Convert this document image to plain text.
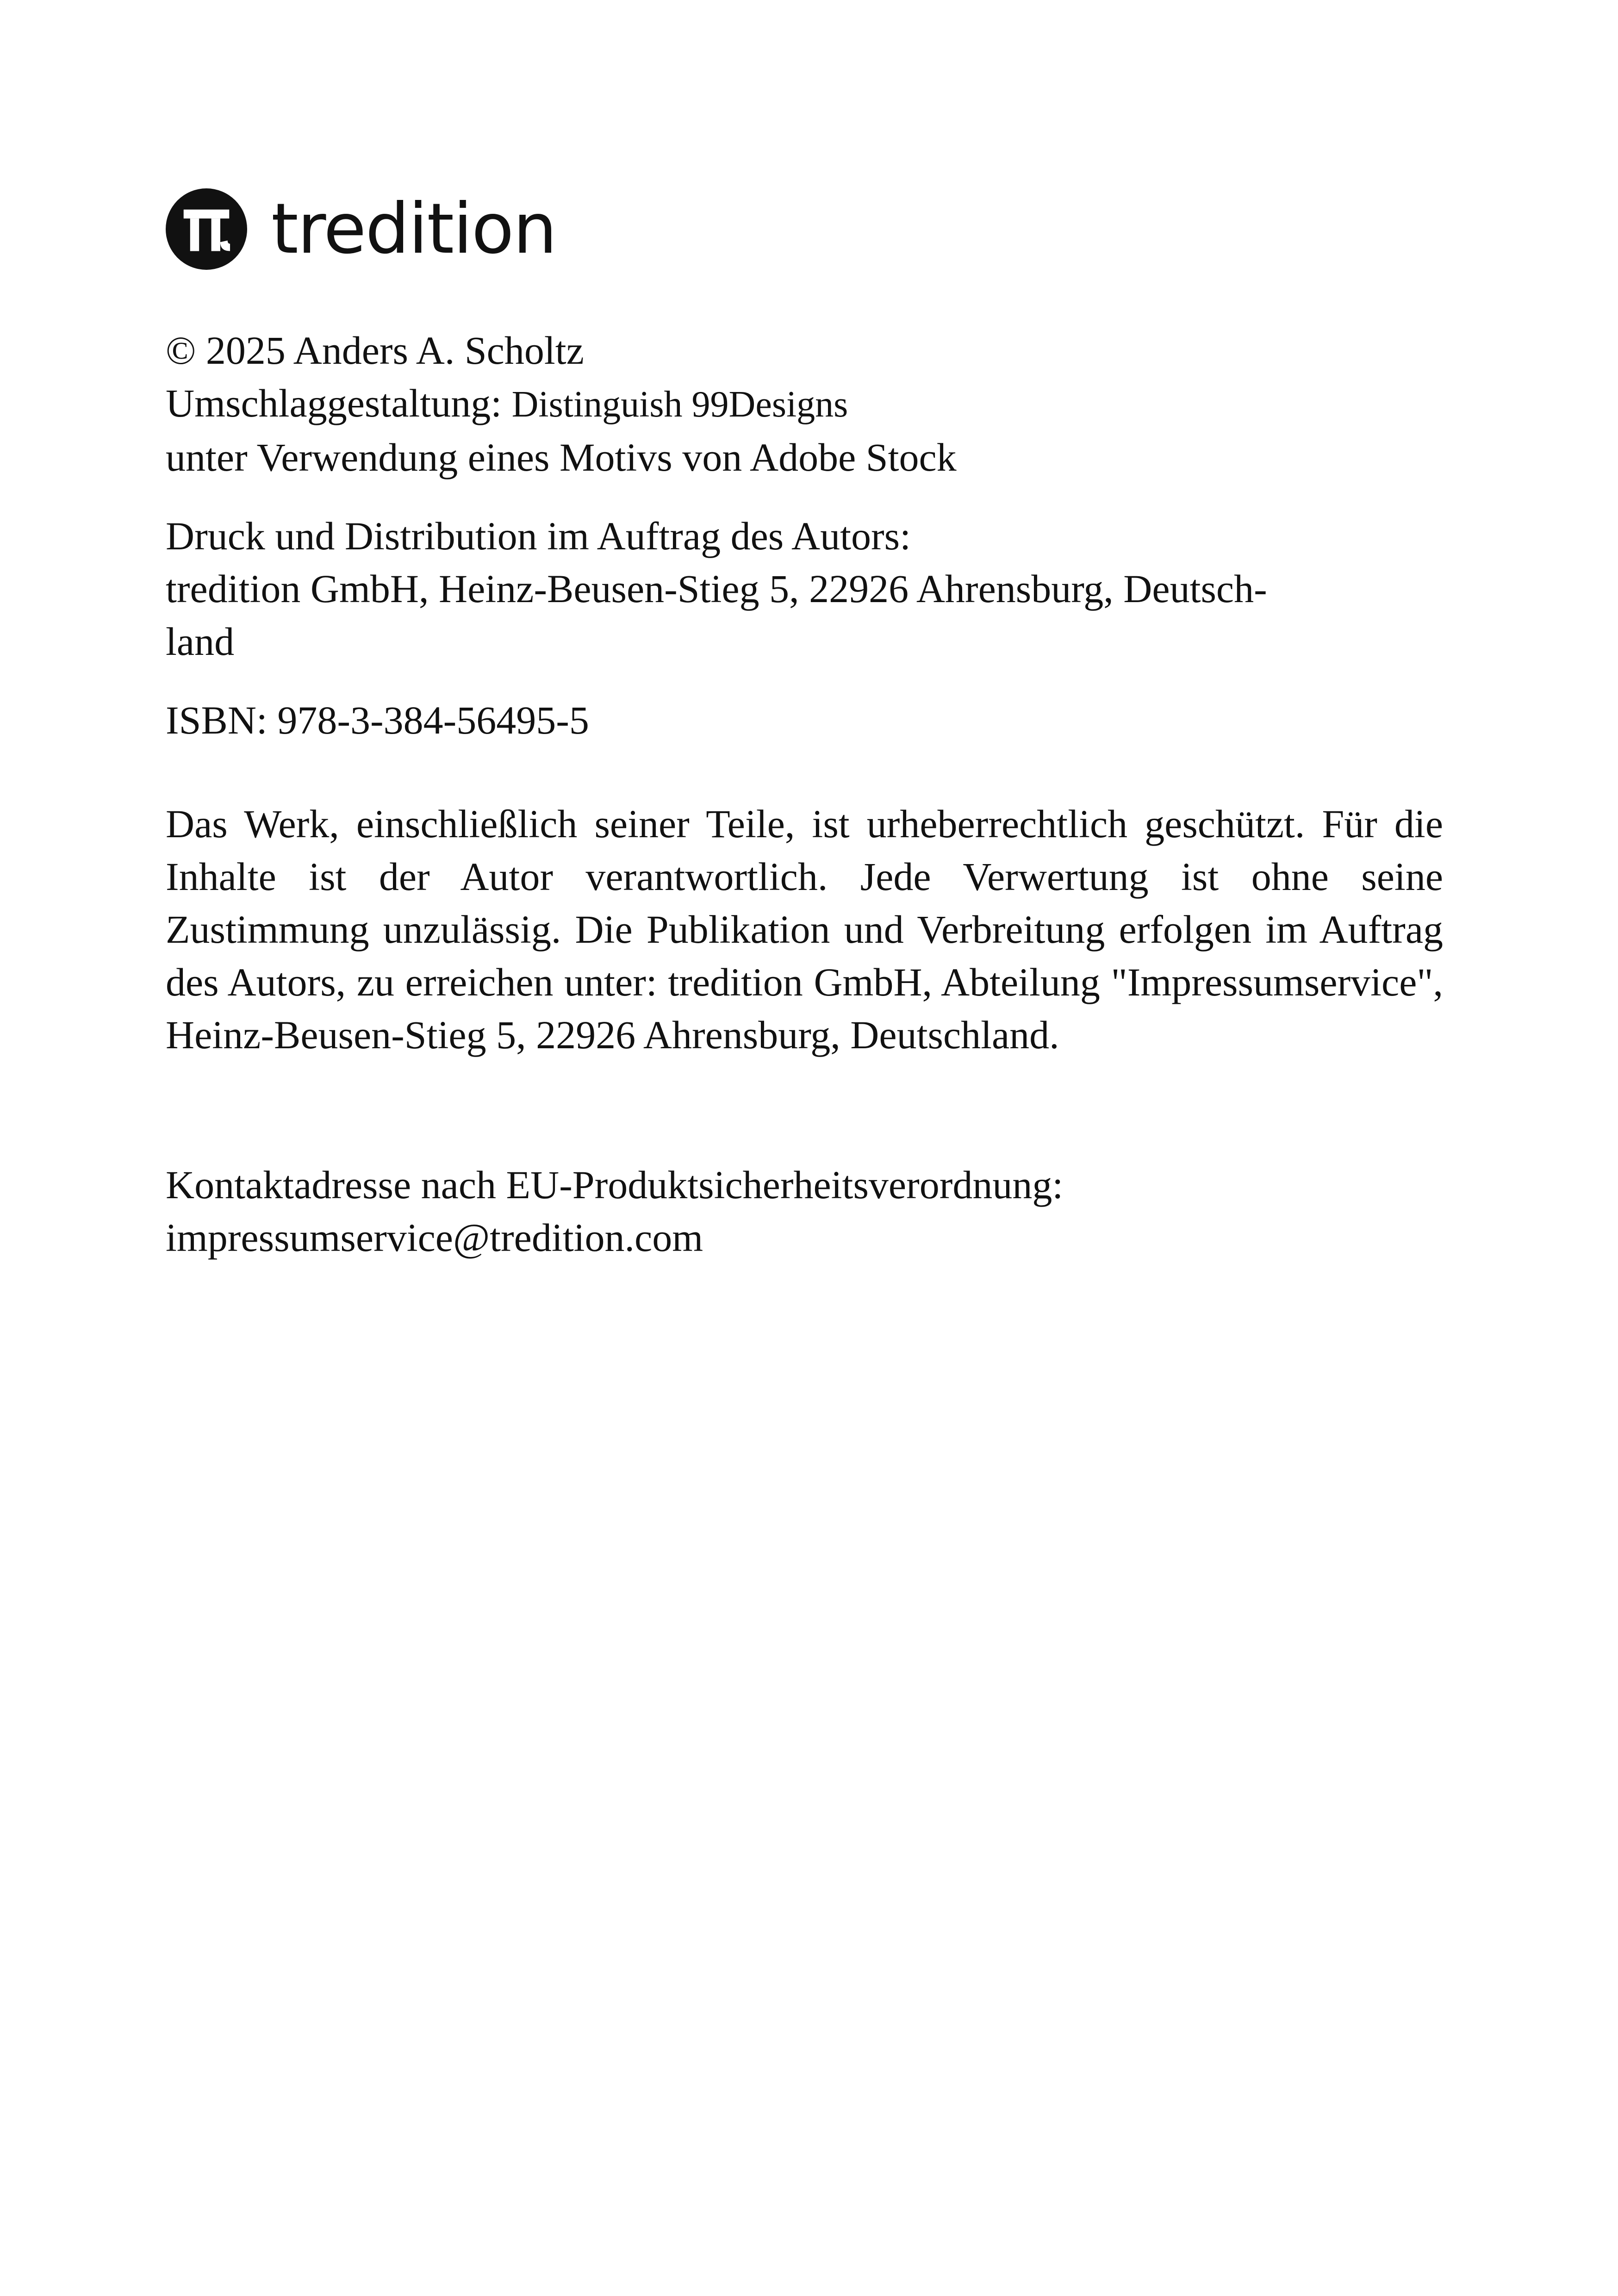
tredition
© 2025 Anders A. Scholtz
Umschlaggestaltung: Distinguish 99Designs
unter Verwendung eines Motivs von Adobe Stock
Druck und Distribution im Auftrag des Autors:
tredition GmbH, Heinz-Beusen-Stieg 5, 22926 Ahrensburg, Deutsch-
land
ISBN: 978-3-384-56495-5
Das Werk, einschließlich seiner Teile, ist urheberrechtlich geschützt. Für die Inhalte ist der Autor verantwortlich. Jede Verwertung ist ohne seine Zustimmung unzulässig. Die Publikation und Verbreitung erfolgen im Auftrag des Autors, zu erreichen unter: tredition GmbH, Abteilung "Impressumservice", Heinz-Beusen-Stieg 5, 22926 Ahrensburg, Deutschland.
Kontaktadresse nach EU-Produktsicherheitsverordnung:
impressumservice@tredition.com
